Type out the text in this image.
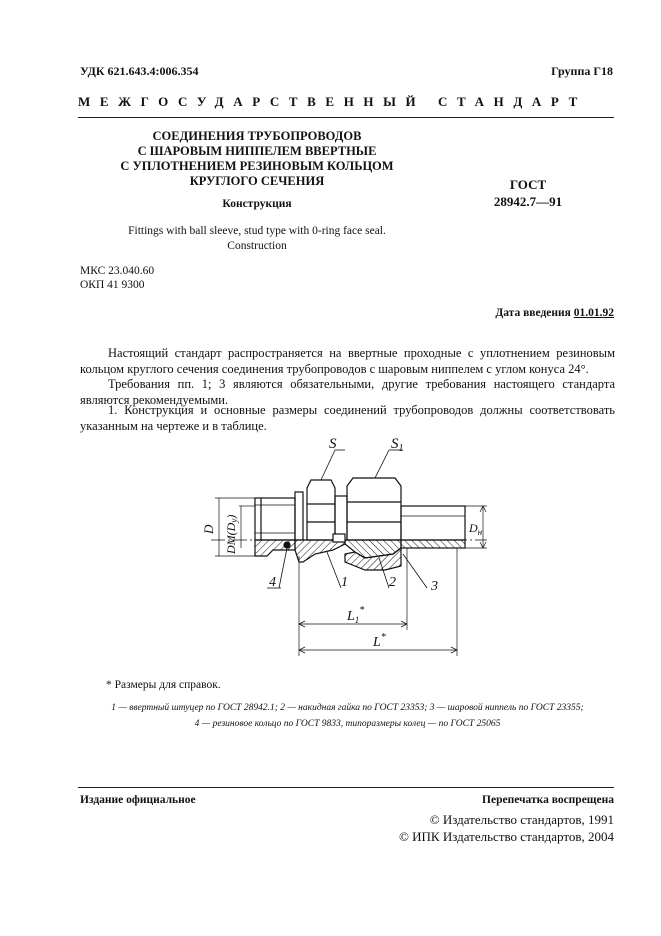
УДК 621.643.4:006.354	Группа Г18
МЕЖГОСУДАРСТВЕННЫЙ СТАНДАРТ
СОЕДИНЕНИЯ ТРУБОПРОВОДОВ
С ШАРОВЫМ НИППЕЛЕМ ВВЕРТНЫЕ
С УПЛОТНЕНИЕМ РЕЗИНОВЫМ КОЛЬЦОМ
КРУГЛОГО СЕЧЕНИЯ	ГОСТ
28942.7—91
Конструкция
Fittings with ball sleeve, stud type with 0-ring face seal.
Construction
МКС 23.040.60
ОКП 41 9300
Дата введения 01.01.92
Настоящий стандарт распространяется на ввертные проходные с уплотнением резиновым кольцом круглого сечения соединения трубопроводов с шаровым ниппелем с углом конуса 24°.
Требования пп. 1; 3 являются обязательными, другие требования настоящего стандарта являются рекомендуемыми.
1. Конструкция и основные размеры соединений трубопроводов должны соответствовать указанным на чертеже и в таблице.
S	$S_1$
D DM(Dy)
$D_н$
4	1	2	3
$L_1^*$
L*
* Размеры для справок.
1 — ввертный штуцер по ГОСТ 28942.1; 2 — накидная гайка по ГОСТ 23353; 3 — шаровой ниппель по ГОСТ 23355;
4 — резиновое кольцо по ГОСТ 9833, типоразмеры колец — по ГОСТ 25065
Издание официальное	Перепечатка воспрещена
© Издательство стандартов, 1991
© ИПК Издательство стандартов, 2004
